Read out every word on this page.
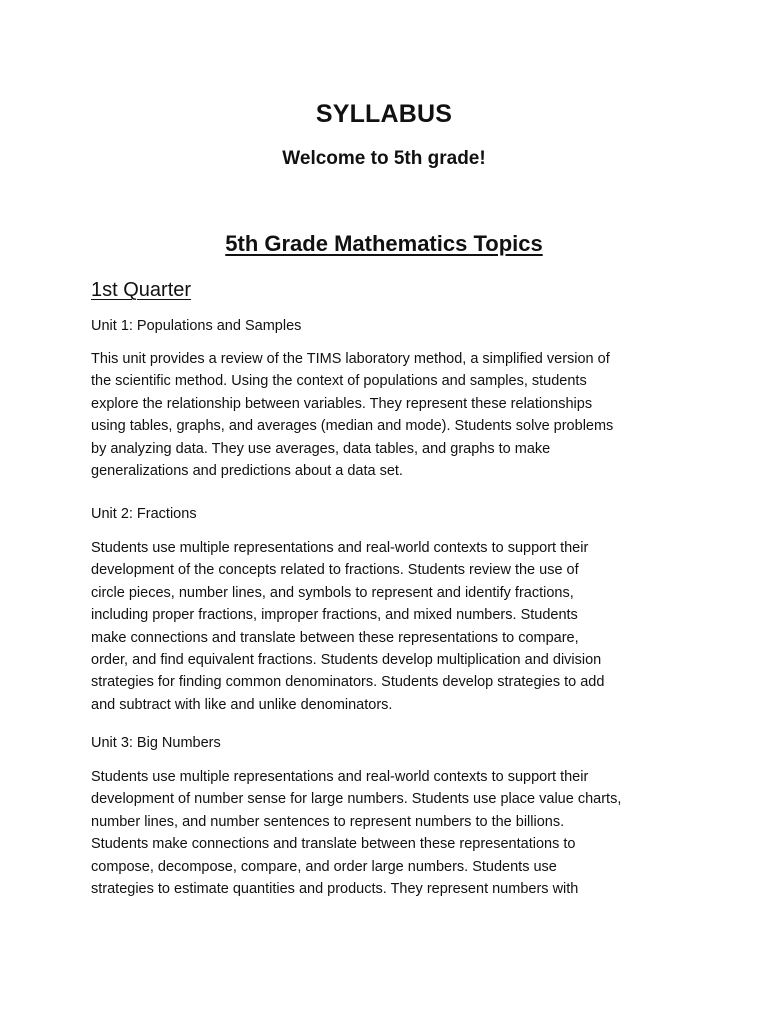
SYLLABUS
Welcome to 5th grade!
5th Grade Mathematics Topics
1st Quarter
Unit 1: Populations and Samples

This unit provides a review of the TIMS laboratory method, a simplified version of
the scientific method. Using the context of populations and samples, students
explore the relationship between variables. They represent these relationships
using tables, graphs, and averages (median and mode). Students solve problems
by analyzing data. They use averages, data tables, and graphs to make
generalizations and predictions about a data set.

Unit 2: Fractions

Students use multiple representations and real-world contexts to support their
development of the concepts related to fractions. Students review the use of
circle pieces, number lines, and symbols to represent and identify fractions,
including proper fractions, improper fractions, and mixed numbers. Students
make connections and translate between these representations to compare,
order, and find equivalent fractions. Students develop multiplication and division
strategies for finding common denominators. Students develop strategies to add
and subtract with like and unlike denominators.

Unit 3: Big Numbers

Students use multiple representations and real-world contexts to support their
development of number sense for large numbers. Students use place value charts,
number lines, and number sentences to represent numbers to the billions.
Students make connections and translate between these representations to
compose, decompose, compare, and order large numbers. Students use
strategies to estimate quantities and products. They represent numbers with
